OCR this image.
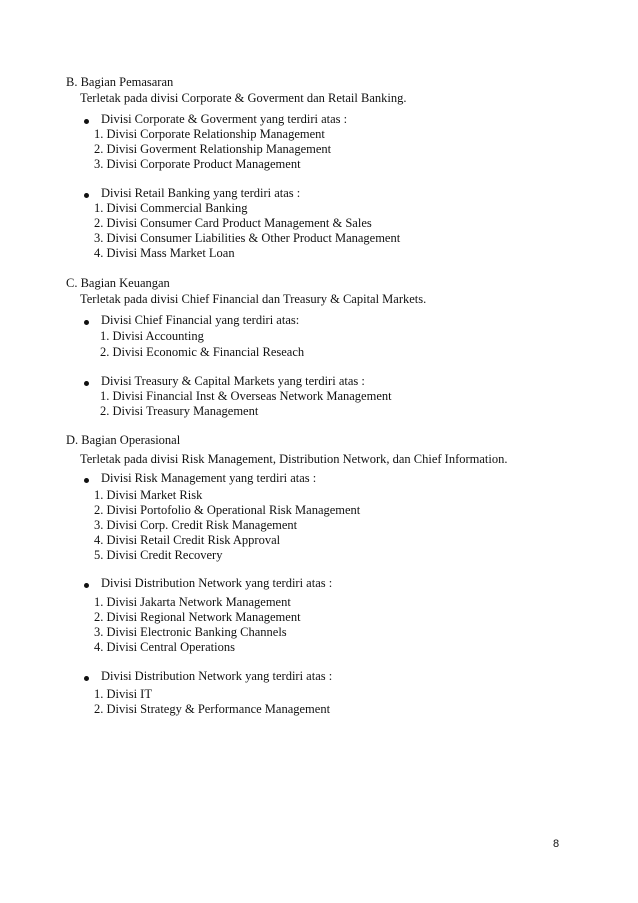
B. Bagian Pemasaran
Terletak pada divisi Corporate & Goverment dan Retail Banking.
Divisi Corporate & Goverment yang terdiri atas :
1. Divisi Corporate Relationship Management
2. Divisi Goverment Relationship Management
3. Divisi Corporate Product Management
Divisi Retail Banking yang terdiri atas :
1. Divisi Commercial Banking
2. Divisi Consumer Card Product Management & Sales
3. Divisi Consumer Liabilities & Other Product Management
4. Divisi Mass Market Loan
C. Bagian Keuangan
Terletak pada divisi Chief Financial dan Treasury & Capital Markets.
Divisi Chief Financial yang terdiri atas:
1. Divisi Accounting
2. Divisi Economic & Financial Reseach
Divisi Treasury & Capital Markets yang terdiri atas :
1. Divisi Financial Inst & Overseas Network Management
2. Divisi Treasury Management
D. Bagian Operasional
Terletak pada divisi Risk Management, Distribution Network, dan Chief Information.
Divisi Risk Management yang terdiri atas :
1. Divisi Market Risk
2. Divisi Portofolio & Operational Risk Management
3. Divisi Corp. Credit Risk Management
4. Divisi Retail Credit Risk Approval
5. Divisi Credit Recovery
Divisi Distribution Network yang terdiri atas :
1. Divisi Jakarta Network Management
2. Divisi Regional Network Management
3. Divisi Electronic Banking Channels
4. Divisi Central Operations
Divisi Distribution Network yang terdiri atas :
1. Divisi IT
2. Divisi Strategy & Performance Management
8
